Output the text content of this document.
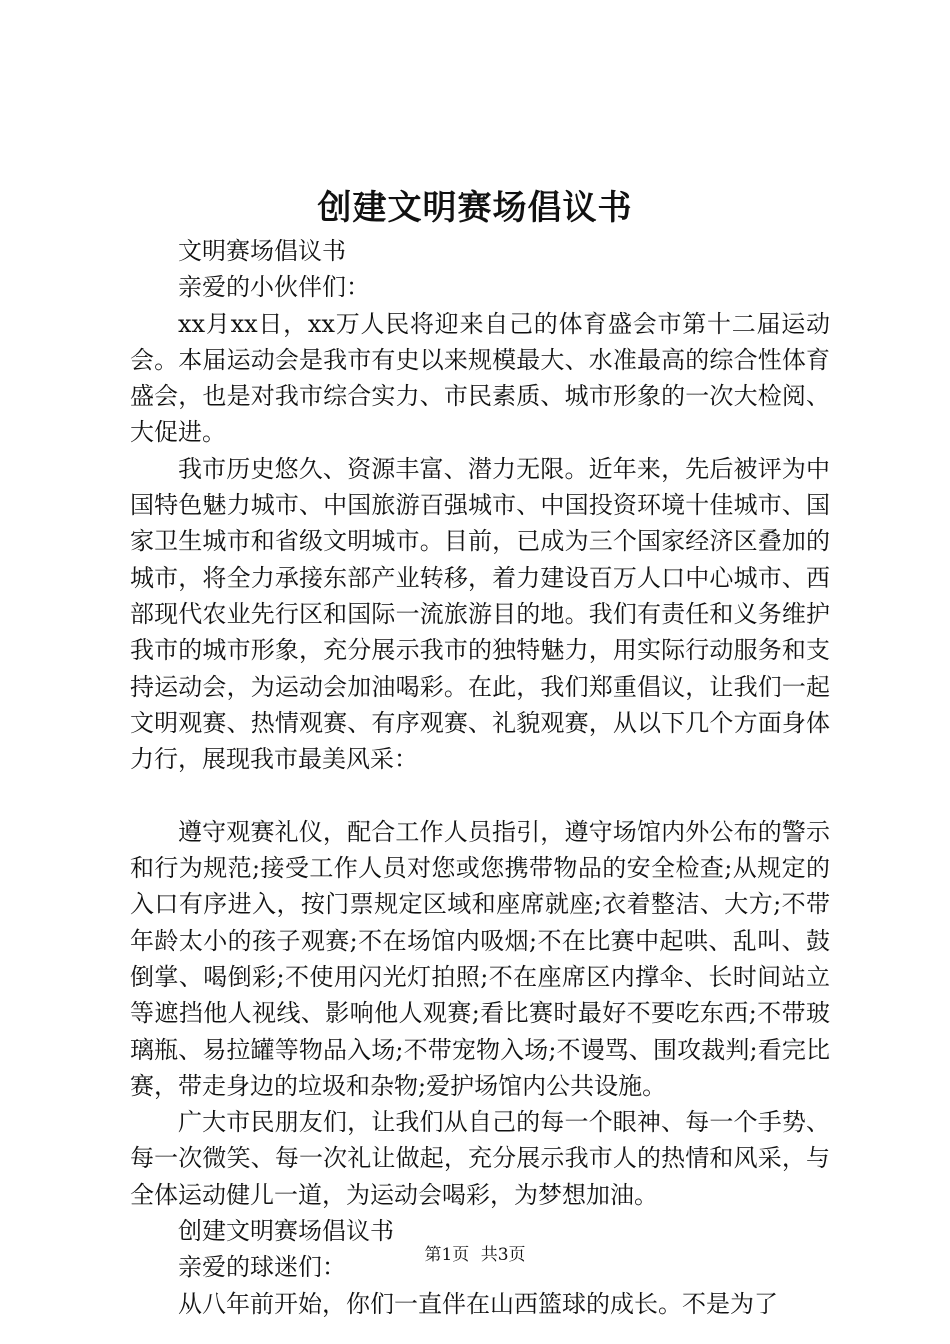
创建文明赛场倡议书

文明赛场倡议书

亲爱的小伙伴们：

xx月xx日，xx万人民将迎来自己的体育盛会市第十二届运动会。本届运动会是我市有史以来规模最大、水准最高的综合性体育盛会，也是对我市综合实力、市民素质、城市形象的一次大检阅、大促进。

我市历史悠久、资源丰富、潜力无限。近年来，先后被评为中国特色魅力城市、中国旅游百强城市、中国投资环境十佳城市、国家卫生城市和省级文明城市。目前，已成为三个国家经济区叠加的城市，将全力承接东部产业转移，着力建设百万人口中心城市、西部现代农业先行区和国际一流旅游目的地。我们有责任和义务维护我市的城市形象，充分展示我市的独特魅力，用实际行动服务和支持运动会，为运动会加油喝彩。在此，我们郑重倡议，让我们一起文明观赛、热情观赛、有序观赛、礼貌观赛，从以下几个方面身体力行，展现我市最美风采：

遵守观赛礼仪，配合工作人员指引，遵守场馆内外公布的警示和行为规范;接受工作人员对您或您携带物品的安全检查;从规定的入口有序进入，按门票规定区域和座席就座;衣着整洁、大方;不带年龄太小的孩子观赛;不在场馆内吸烟;不在比赛中起哄、乱叫、鼓倒掌、喝倒彩;不使用闪光灯拍照;不在座席区内撑伞、长时间站立等遮挡他人视线、影响他人观赛;看比赛时最好不要吃东西;不带玻璃瓶、易拉罐等物品入场;不带宠物入场;不谩骂、围攻裁判;看完比赛，带走身边的垃圾和杂物;爱护场馆内公共设施。

广大市民朋友们，让我们从自己的每一个眼神、每一个手势、每一次微笑、每一次礼让做起，充分展示我市人的热情和风采，与全体运动健儿一道，为运动会喝彩，为梦想加油。

创建文明赛场倡议书

亲爱的球迷们：

从八年前开始，你们一直伴在山西篮球的成长。不是为了

第1页 共3页
